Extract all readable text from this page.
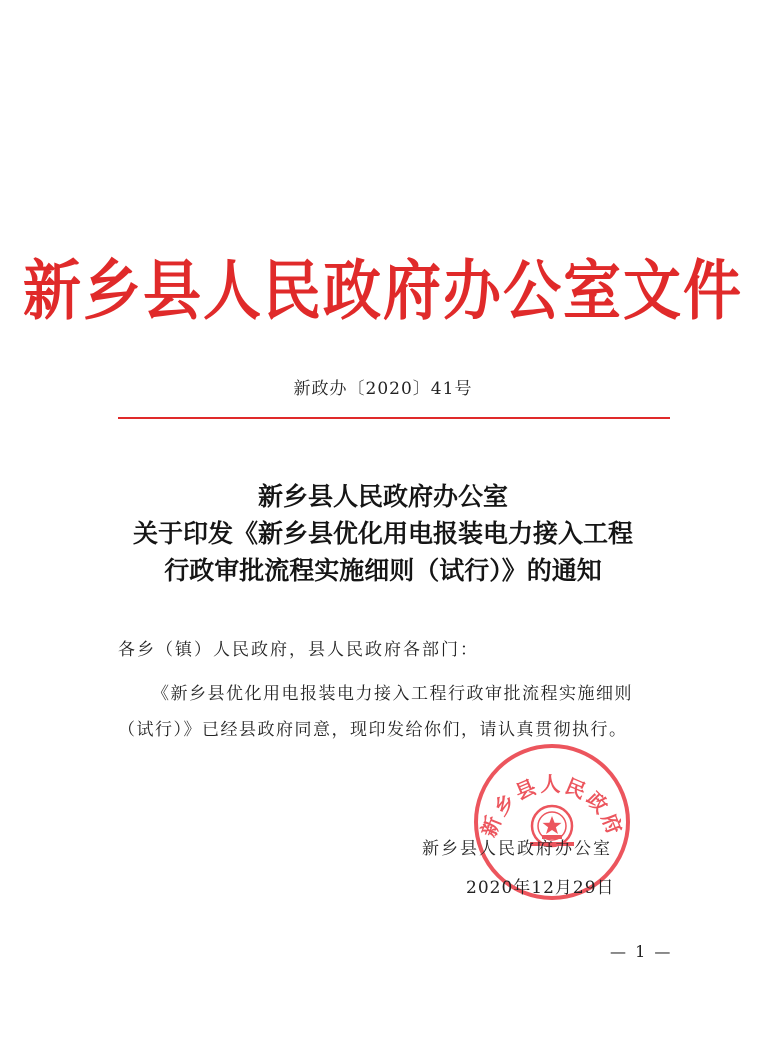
新乡县人民政府办公室文件
新政办〔2020〕41号
新乡县人民政府办公室
关于印发《新乡县优化用电报装电力接入工程
行政审批流程实施细则（试行）》的通知
各乡（镇）人民政府，县人民政府各部门：
《新乡县优化用电报装电力接入工程行政审批流程实施细则
（试行）》已经县政府同意，现印发给你们，请认真贯彻执行。
新乡县人民政府
新乡县人民政府办公室
2020年12月29日
— 1 —
